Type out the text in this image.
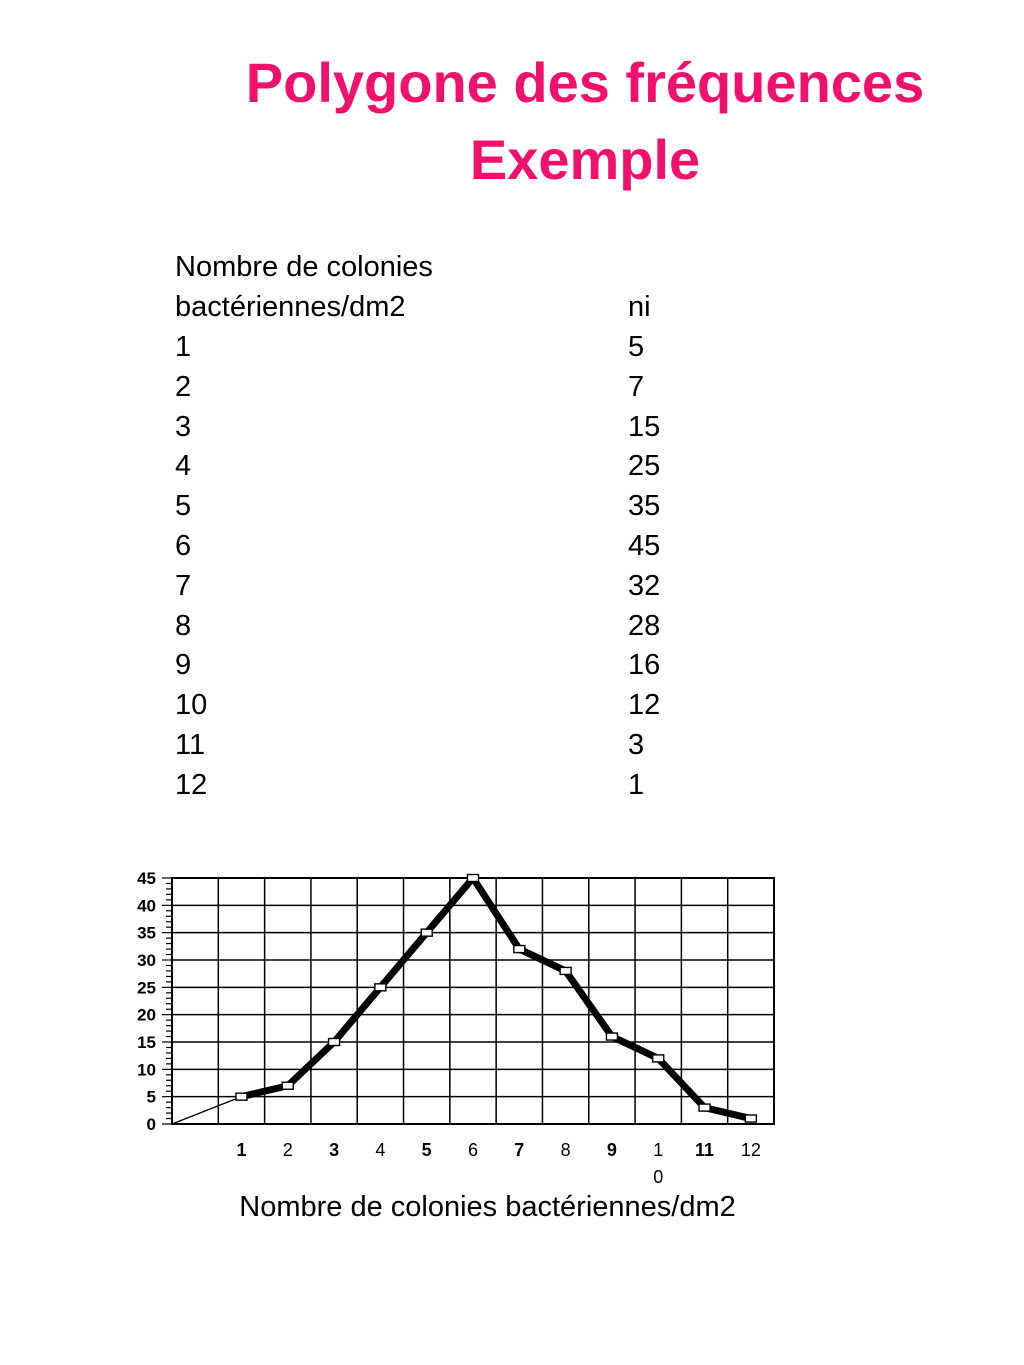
Polygone des fréquences
Exemple
Nombre de colonies
bactériennes/dm2	ni
1	5
2	7
3	15
4	25
5	35
6	45
7	32
8	28
9	16
10	12
11	3
12	1
0
5
10
15
20
25
30
35
40
45
1 2 3 4 5 6 7 8 9 1
0
11 12
Nombre de colonies bactériennes/dm2
